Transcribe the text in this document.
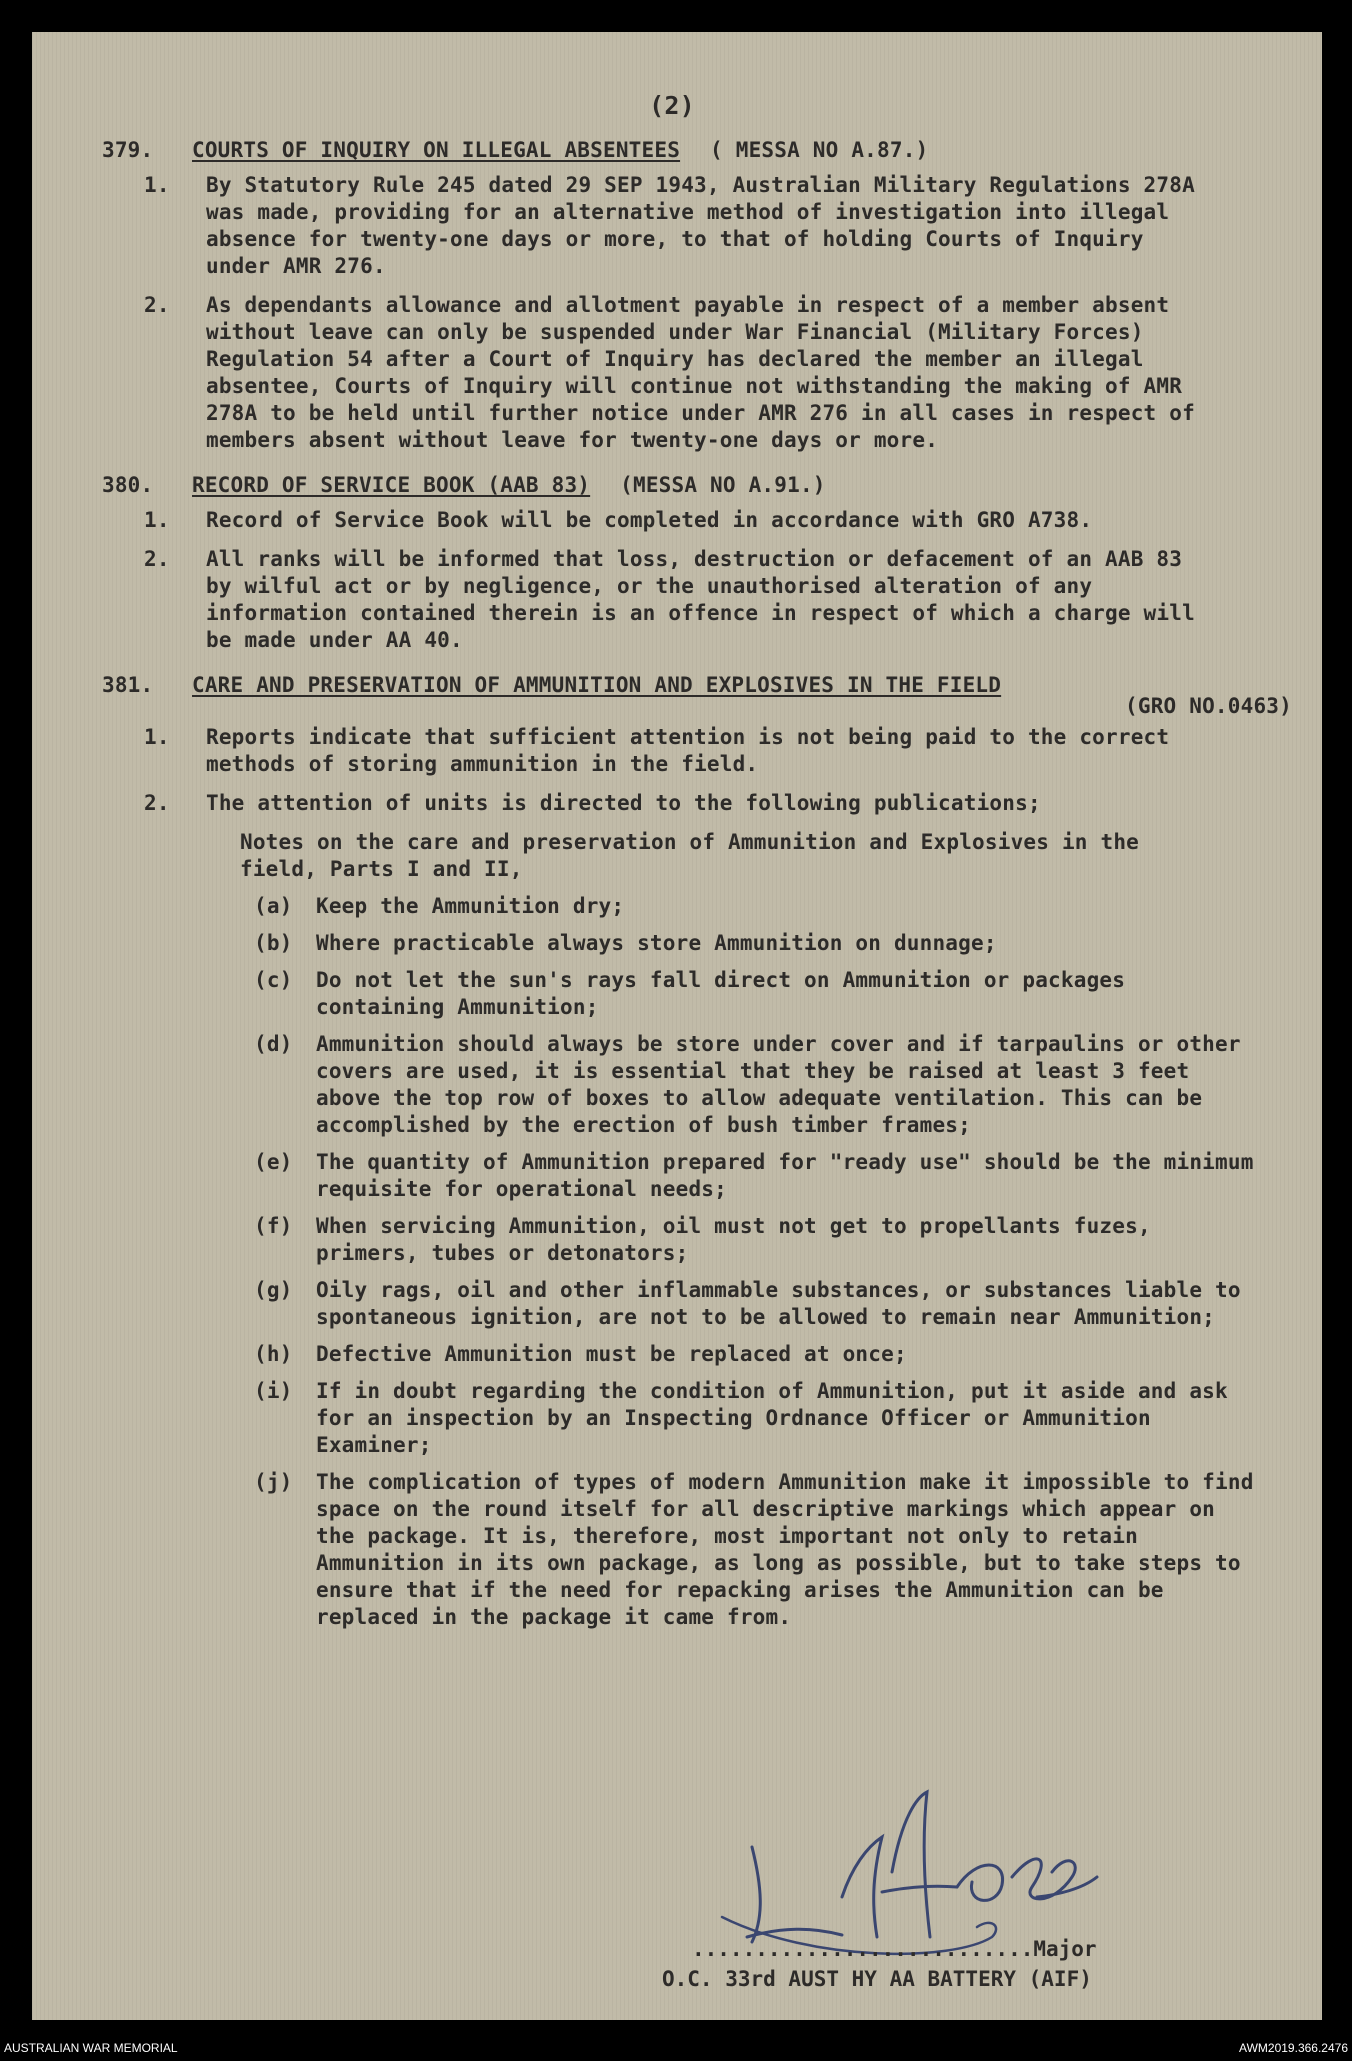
(2)
379.	COURTS OF INQUIRY ON ILLEGAL ABSENTEES ( MESSA NO A.87.)
1.	By Statutory Rule 245 dated 29 SEP 1943, Australian Military Regulations 278A was made, providing for an alternative method of investigation into illegal absence for twenty-one days or more, to that of holding Courts of Inquiry under AMR 276.
2.	As dependants allowance and allotment payable in respect of a member absent without leave can only be suspended under War Financial (Military Forces) Regulation 54 after a Court of Inquiry has declared the member an illegal absentee, Courts of Inquiry will continue not withstanding the making of AMR 278A to be held until further notice under AMR 276 in all cases in respect of members absent without leave for twenty-one days or more.
380.	RECORD OF SERVICE BOOK (AAB 83) (MESSA NO A.91.)
1.	Record of Service Book will be completed in accordance with GRO A738.
2.	All ranks will be informed that loss, destruction or defacement of an AAB 83 by wilful act or by negligence, or the unauthorised alteration of any information contained therein is an offence in respect of which a charge will be made under AA 40.
381.	CARE AND PRESERVATION OF AMMUNITION AND EXPLOSIVES IN THE FIELD
(GRO NO.0463)
1.	Reports indicate that sufficient attention is not being paid to the correct methods of storing ammunition in the field.
2.	The attention of units is directed to the following publications;
Notes on the care and preservation of Ammunition and Explosives in the field, Parts I and II,
(a)	Keep the Ammunition dry;
(b)	Where practicable always store Ammunition on dunnage;
(c)	Do not let the sun's rays fall direct on Ammunition or packages containing Ammunition;
(d)	Ammunition should always be store under cover and if tarpaulins or other covers are used, it is essential that they be raised at least 3 feet above the top row of boxes to allow adequate ventilation. This can be accomplished by the erection of bush timber frames;
(e)	The quantity of Ammunition prepared for "ready use" should be the minimum requisite for operational needs;
(f)	When servicing Ammunition, oil must not get to propellants fuzes, primers, tubes or detonators;
(g)	Oily rags, oil and other inflammable substances, or substances liable to spontaneous ignition, are not to be allowed to remain near Ammunition;
(h)	Defective Ammunition must be replaced at once;
(i)	If in doubt regarding the condition of Ammunition, put it aside and ask for an inspection by an Inspecting Ordnance Officer or Ammunition Examiner;
(j)	The complication of types of modern Ammunition make it impossible to find space on the round itself for all descriptive markings which appear on the package. It is, therefore, most important not only to retain Ammunition in its own package, as long as possible, but to take steps to ensure that if the need for repacking arises the Ammunition can be replaced in the package it came from.
...........................Major
O.C. 33rd AUST HY AA BATTERY (AIF)
AUSTRALIAN WAR MEMORIAL	AWM2019.366.2476
